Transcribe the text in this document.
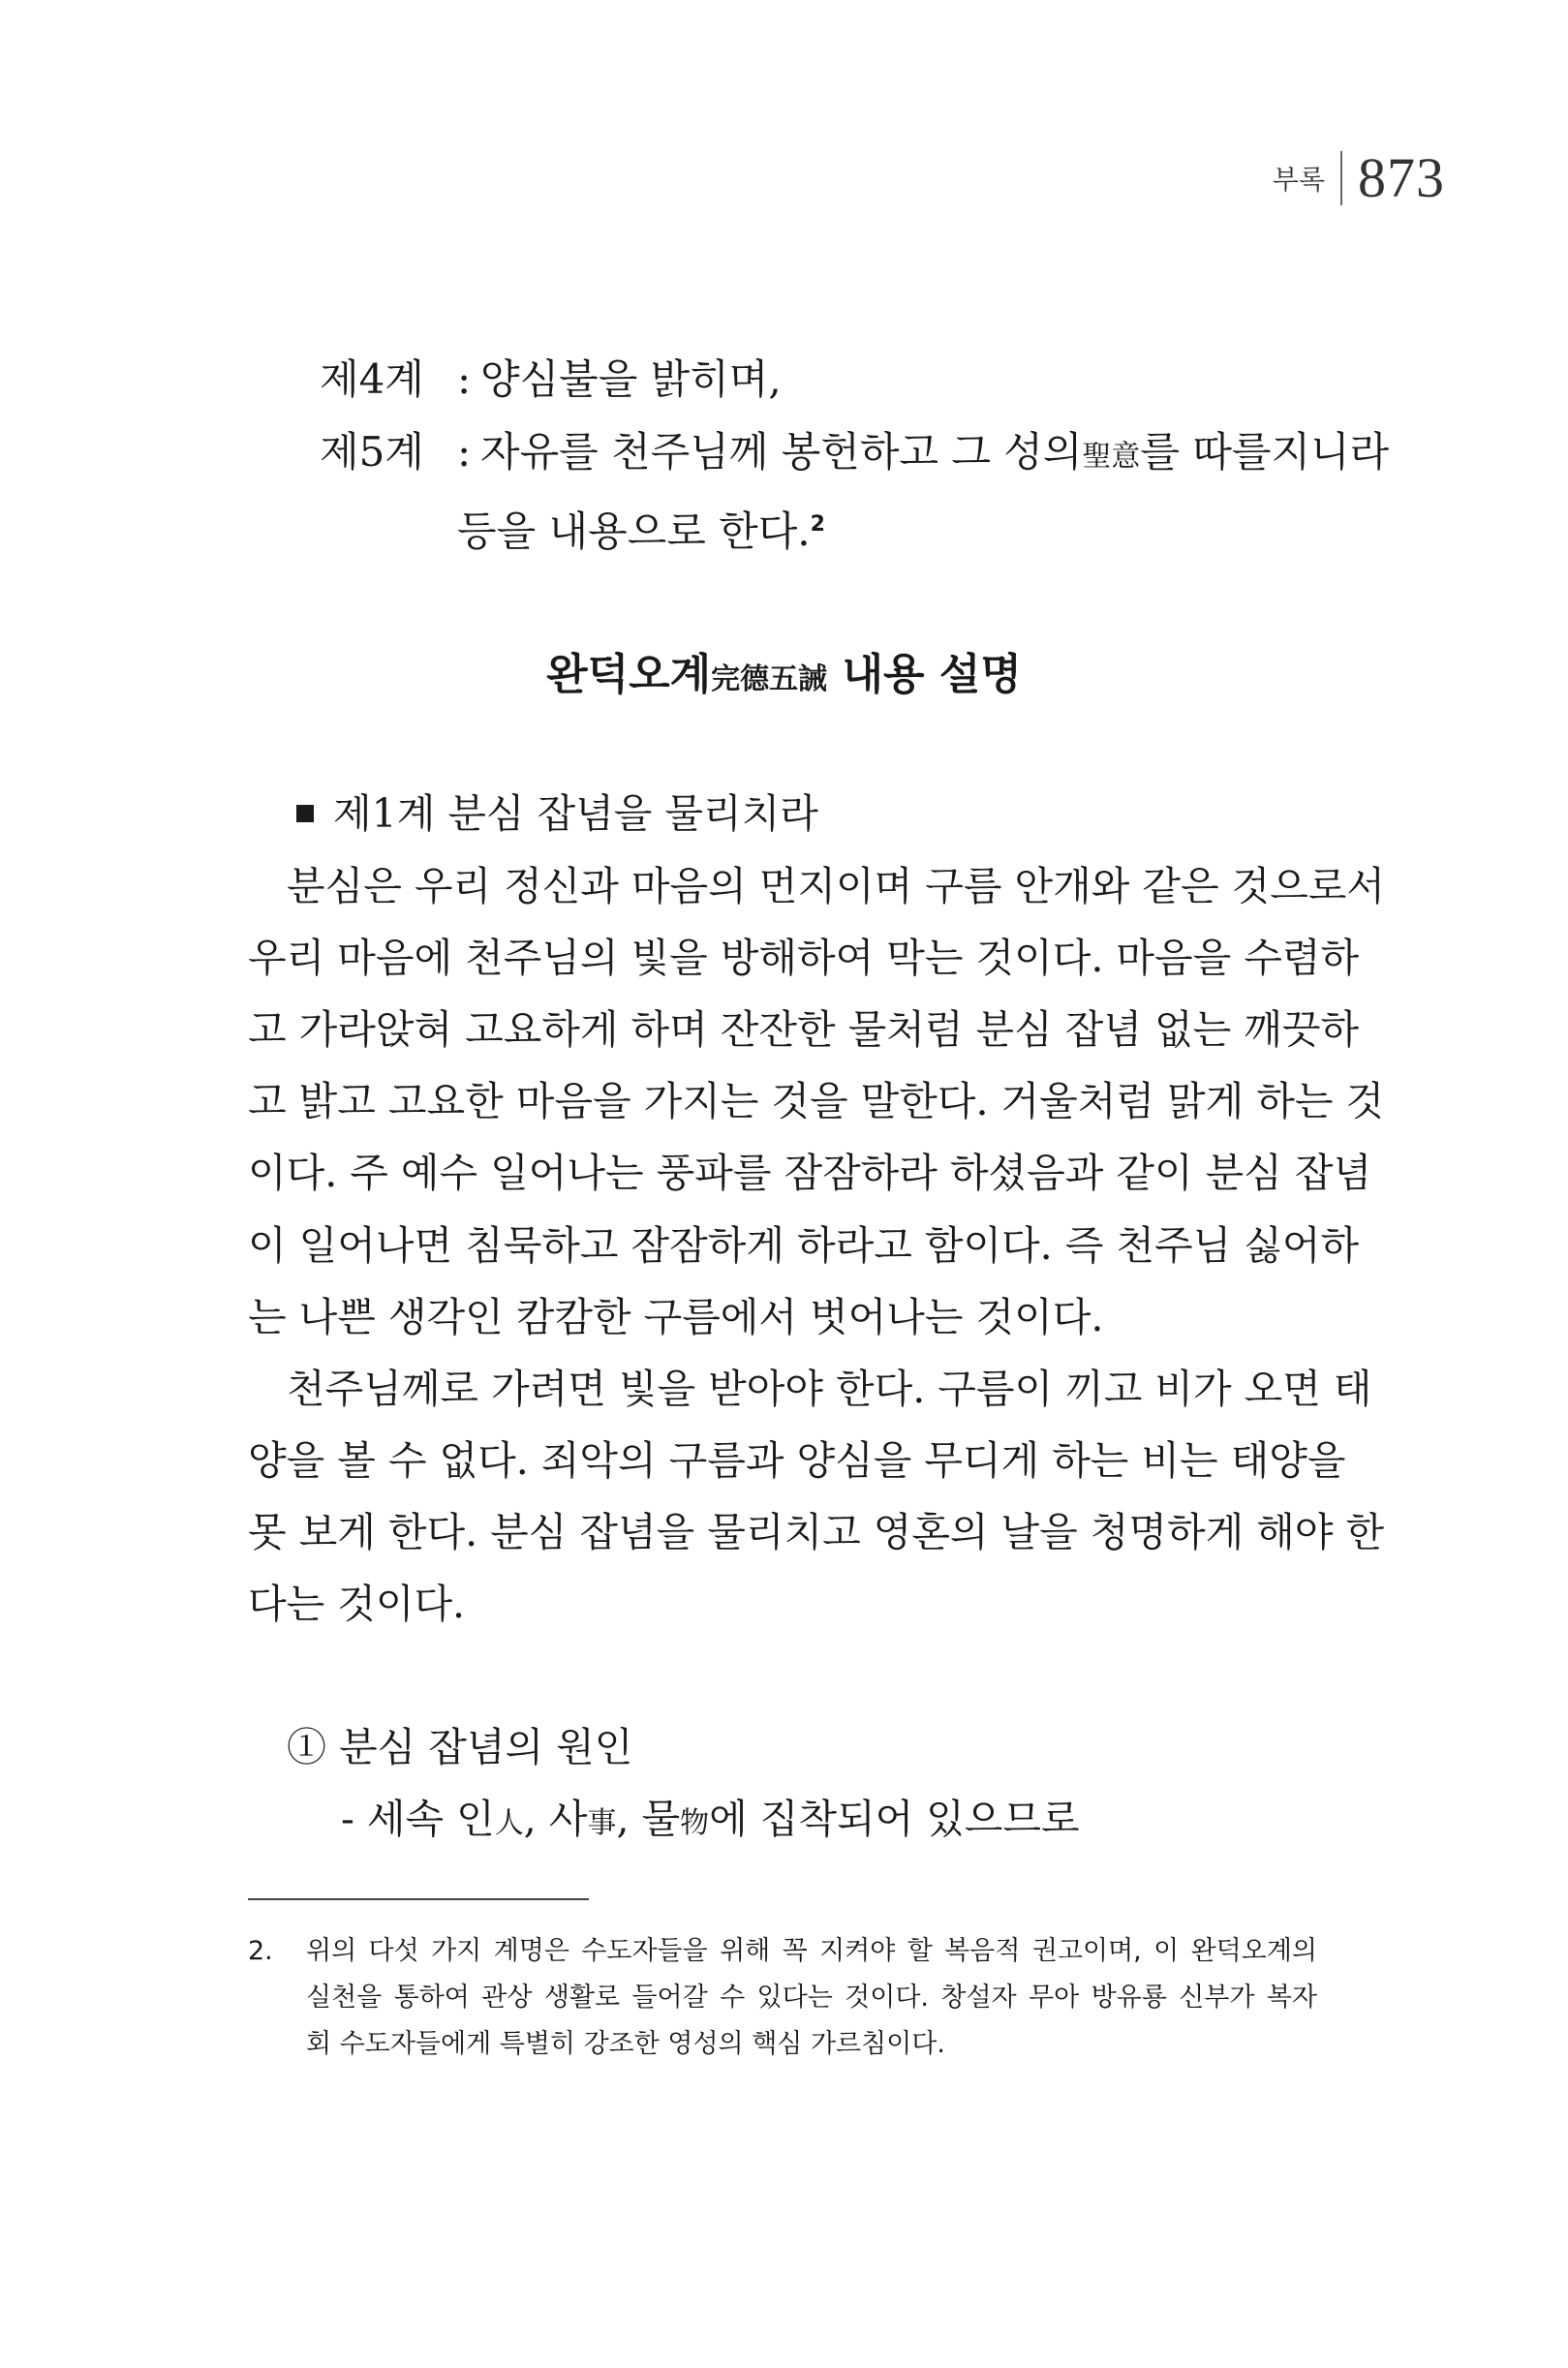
부록 873
제4계 : 양심불을 밝히며,
제5계 : 자유를 천주님께 봉헌하고 그 성의聖意를 따를지니라
등을 내용으로 한다.$^2$
완덕오계完德五誡 내용 설명
제1계 분심 잡념을 물리치라
분심은 우리 정신과 마음의 먼지이며 구름 안개와 같은 것으로서
우리 마음에 천주님의 빛을 방해하여 막는 것이다. 마음을 수렴하
고 가라앉혀 고요하게 하며 잔잔한 물처럼 분심 잡념 없는 깨끗하
고 밝고 고요한 마음을 가지는 것을 말한다. 거울처럼 맑게 하는 것
이다. 주 예수 일어나는 풍파를 잠잠하라 하셨음과 같이 분심 잡념
이 일어나면 침묵하고 잠잠하게 하라고 함이다. 즉 천주님 싫어하
는 나쁜 생각인 캄캄한 구름에서 벗어나는 것이다.
천주님께로 가려면 빛을 받아야 한다. 구름이 끼고 비가 오면 태
양을 볼 수 없다. 죄악의 구름과 양심을 무디게 하는 비는 태양을
못 보게 한다. 분심 잡념을 물리치고 영혼의 날을 청명하게 해야 한
다는 것이다.
① 분심 잡념의 원인
- 세속 인人, 사事, 물物에 집착되어 있으므로
2. 위의 다섯 가지 계명은 수도자들을 위해 꼭 지켜야 할 복음적 권고이며, 이 완덕오계의
실천을 통하여 관상 생활로 들어갈 수 있다는 것이다. 창설자 무아 방유룡 신부가 복자
회 수도자들에게 특별히 강조한 영성의 핵심 가르침이다.
